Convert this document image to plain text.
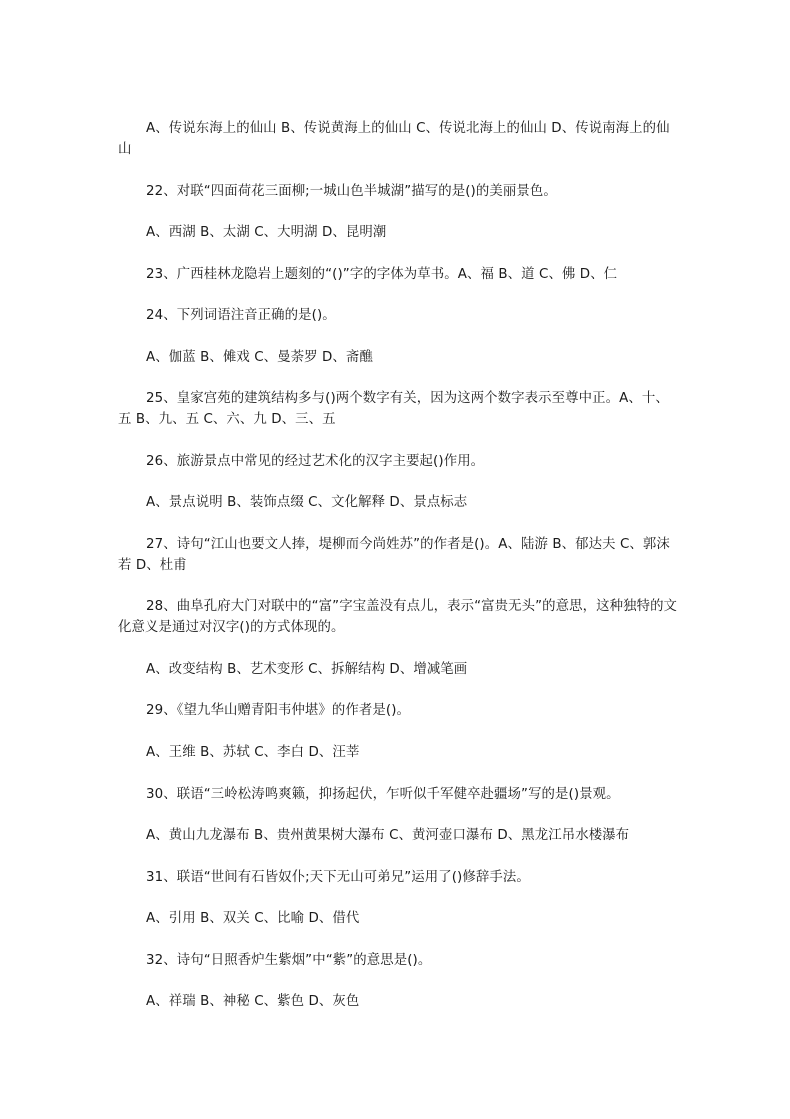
A、传说东海上的仙山 B、传说黄海上的仙山 C、传说北海上的仙山 D、传说南海上的仙山

22、对联“四面荷花三面柳;一城山色半城湖”描写的是()的美丽景色。

A、西湖 B、太湖 C、大明湖 D、昆明潮

23、广西桂林龙隐岩上题刻的“()”字的字体为草书。A、福 B、道 C、佛 D、仁

24、下列词语注音正确的是()。

A、伽蓝 B、傩戏 C、曼荼罗 D、斋醮

25、皇家宫苑的建筑结构多与()两个数字有关，因为这两个数字表示至尊中正。A、十、五 B、九、五 C、六、九 D、三、五

26、旅游景点中常见的经过艺术化的汉字主要起()作用。

A、景点说明 B、装饰点缀 C、文化解释 D、景点标志

27、诗句“江山也要文人捧，堤柳而今尚姓苏”的作者是()。A、陆游 B、郁达夫 C、郭沫若 D、杜甫

28、曲阜孔府大门对联中的“富”字宝盖没有点儿，表示“富贵无头”的意思，这种独特的文化意义是通过对汉字()的方式体现的。

A、改变结构 B、艺术变形 C、拆解结构 D、增减笔画

29、《望九华山赠青阳韦仲堪》的作者是()。

A、王维 B、苏轼 C、李白 D、汪莘

30、联语“三岭松涛鸣爽籁，抑扬起伏，乍听似千军健卒赴疆场”写的是()景观。

A、黄山九龙瀑布 B、贵州黄果树大瀑布 C、黄河壶口瀑布 D、黑龙江吊水楼瀑布

31、联语“世间有石皆奴仆;天下无山可弟兄”运用了()修辞手法。

A、引用 B、双关 C、比喻 D、借代

32、诗句“日照香炉生紫烟”中“紫”的意思是()。

A、祥瑞 B、神秘 C、紫色 D、灰色
